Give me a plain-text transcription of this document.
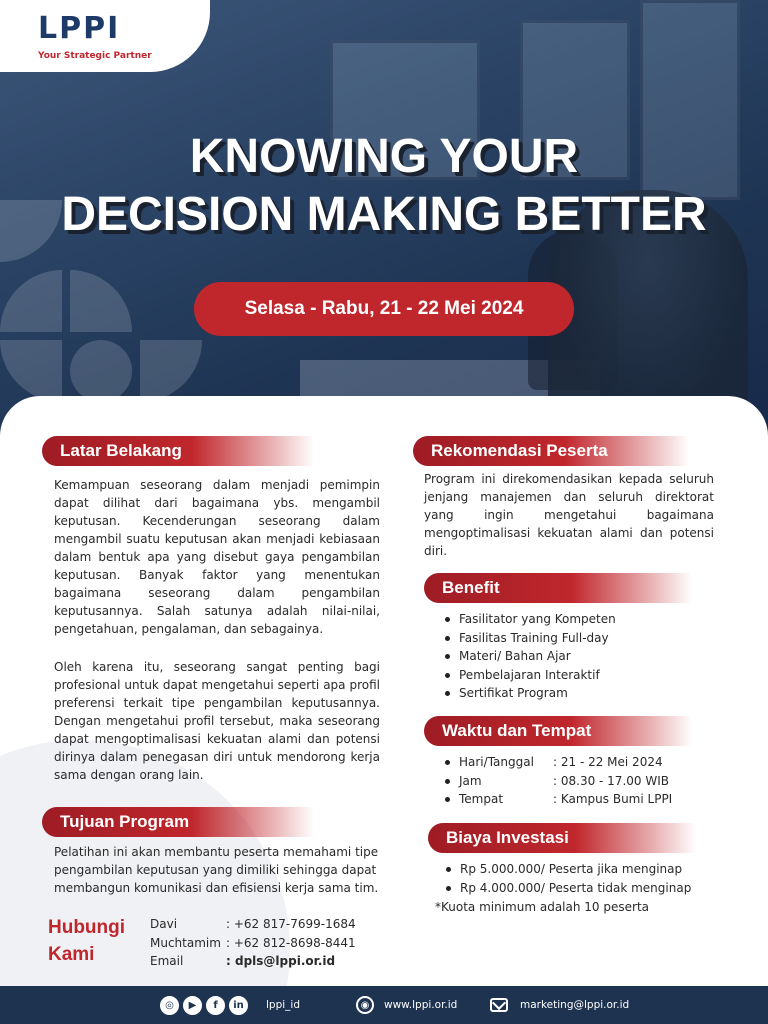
LPPI
Your Strategic Partner
KNOWING YOUR
DECISION MAKING BETTER
Selasa - Rabu, 21 - 22 Mei 2024
Latar Belakang
Kemampuan seseorang dalam menjadi pemimpin dapat dilihat dari bagaimana ybs. mengambil keputusan. Kecenderungan seseorang dalam mengambil suatu keputusan akan menjadi kebiasaan dalam bentuk apa yang disebut gaya pengambilan keputusan. Banyak faktor yang menentukan bagaimana seseorang dalam pengambilan keputusannya. Salah satunya adalah nilai-nilai, pengetahuan, pengalaman, dan sebagainya.
Oleh karena itu, seseorang sangat penting bagi profesional untuk dapat mengetahui seperti apa profil preferensi terkait tipe pengambilan keputusannya. Dengan mengetahui profil tersebut, maka seseorang dapat mengoptimalisasi kekuatan alami dan potensi dirinya dalam penegasan diri untuk mendorong kerja sama dengan orang lain.
Tujuan Program
Pelatihan ini akan membantu peserta memahami tipe pengambilan keputusan yang dimiliki sehingga dapat membangun komunikasi dan efisiensi kerja sama tim.
Rekomendasi Peserta
Program ini direkomendasikan kepada seluruh jenjang manajemen dan seluruh direktorat yang ingin mengetahui bagaimana mengoptimalisasi kekuatan alami dan potensi diri.
Benefit
Fasilitator yang Kompeten
Fasilitas Training Full-day
Materi/ Bahan Ajar
Pembelajaran Interaktif
Sertifikat Program
Waktu dan Tempat
Hari/Tanggal	: 21 - 22 Mei 2024
Jam	: 08.30 - 17.00 WIB
Tempat	: Kampus Bumi LPPI
Biaya Investasi
Rp 5.000.000/ Peserta jika menginap
Rp 4.000.000/ Peserta tidak menginap
*Kuota minimum adalah 10 peserta
Hubungi
Kami
Davi	: +62 817-7699-1684
Muchtamim : +62 812-8698-8441
Email	: dpls@lppi.or.id
◎	▶	f	in	lppi_id	◉	www.lppi.or.id	marketing@lppi.or.id
